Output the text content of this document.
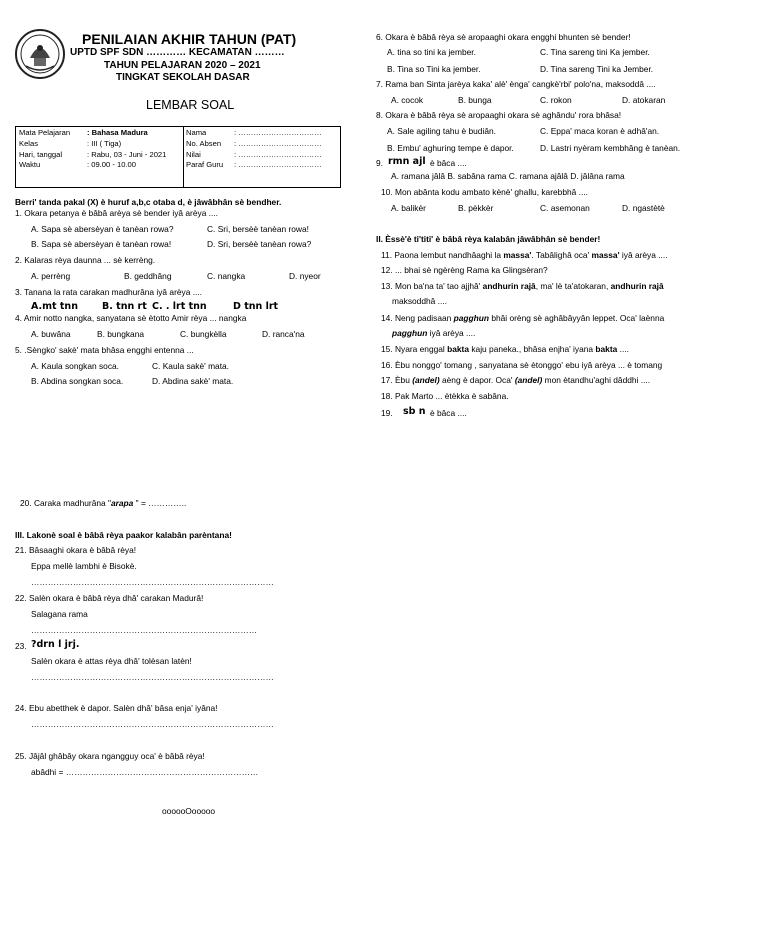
PENILAIAN AKHIR TAHUN (PAT)
UPTD SPF SDN ………… KECAMATAN ………
TAHUN PELAJARAN 2020 – 2021
TINGKAT SEKOLAH DASAR
LEMBAR SOAL
Mata Pelajaran : Bahasa Madura
Kelas	: III ( Tiga)
Hari, tanggal	: Rabu, 03 - Juni - 2021
Waktu	: 09.00 - 10.00
Nama	: ……………………………
No. Absen : ……………………………
Nilai	: ……………………………
Paraf Guru : ……………………………
Berri' tanda pakal (X) è huruf a,b,c otaba d, è jâwâbhân sè bendher.
1. Okara petanya è bâbâ arèya sè bender iyâ arèya ....
A. Sapa sè abersèyan è tanèan rowa?	C. Sri, bersèè tanèan rowa!
B. Sapa sè abersèyan è tanèan rowa!	D. Sri, bersèè tanèan rowa?
2. Kalaras rèya daunna ... sè kerrèng.
A. perrèng	B. geddhâng	C. nangka	D. nyeor
3. Tanana la rata carakan madhurâna iyâ arèya ....
A.mt tnn	B. tnn rt C. . lrt tnn	D tnn lrt
4. Amir notto nangka, sanyatana sè ètotto Amir rèya ... nangka
A. buwâna	B. bungkana	C. bungkèlla	D. ranca'na
5. .Sèngko' sakè' mata bhâsa engghi entenna ...
A. Kaula songkan soca.	C. Kaula sakè' mata.
B. Abdina songkan soca.	D. Abdina sakè' mata.
6. Okara è bâbâ rèya sè aropaaghi okara engghi bhunten sè bender!
A. tina so tini ka jember.	C. Tina sareng tini Ka jember.
B. Tina so Tini ka jember.	D. Tina sareng Tini ka Jember.
7. Rama ban Sinta jarèya kaka' alè' ènga' cangkè'rbi' polo'na, maksoddâ ....
A. cocok	B. bunga	C. rokon	D. atokaran
8. Okara è bâbâ rèya sè aropaaghi okara sè aghându' rora bhâsa!
A. Sale agiling tahu è budiân.	C. Eppa' maca koran è adhâ'an.
B. Embu' aghuring tempe è dapor.	D. Lastri nyèram kembhâng è tanèan.
9. rmn ajl è bâca ....
A. ramana jâlâ B. sabâna rama C. ramana ajâlâ D. jâlâna rama
10. Mon abânta kodu ambato kènè' ghallu, karebbhâ ....
A. balikèr	B. pèkkèr	C. asemonan	D. ngastètè
II. Èssè'è ti'titi' è bâbâ rèya kalabân jâwâbhân sè bender!
11. Paona lembut nandhâaghi la massa'. Tabâlighâ oca' massa' iyâ arèya ....
12. ... bhai sè ngèrèng Rama ka Glingsèran?
13. Mon ba'na ta' tao ajjhâ' andhurin rajâ, ma' lè ta'atokaran, andhurin rajâ
maksoddhâ ....
14. Neng padisaan pagghun bhâi orèng sè aghâbâyyân leppet. Oca' laènna
pagghun iyâ arèya ....
15. Nyara enggal bakta kaju paneka., bhâsa enjha' iyana bakta ....
16. Èbu nonggo' tomang , sanyatana sè ètonggo' ebu iyâ arèya ... è tomang
17. Èbu (andel) aèng è dapor. Oca' (andel) mon ètandhu'aghi dâddhi ....
18. Pak Marto ... ètèkka è sabâna.
19. sb n è bâca ....
20. Caraka madhurâna "arapa " = …………..
III. Lakonè soal è bâbâ rèya paakor kalabân parèntana!
21. Bâsaaghi okara è bâbâ rèya!
Eppa mellè lambhi è Bisokè.
……………………………………………………………………………
22. Salèn okara è bâbâ rèya dhâ' carakan Madurâ!
Salagana rama
………………………………………………………………………
23. ?drn l jrj.
Salèn okara è attas rèya dhâ' tolèsan latèn!
……………………………………………………………………………
24. Ebu abetthek è dapor. Salèn dhâ' bâsa enja' iyâna!
……………………………………………………………………………
25. Jâjâl ghâbây okara ngangguy oca' è bâbâ rèya!
abâdhi = ……………………………………………………………
oooooOooooo
